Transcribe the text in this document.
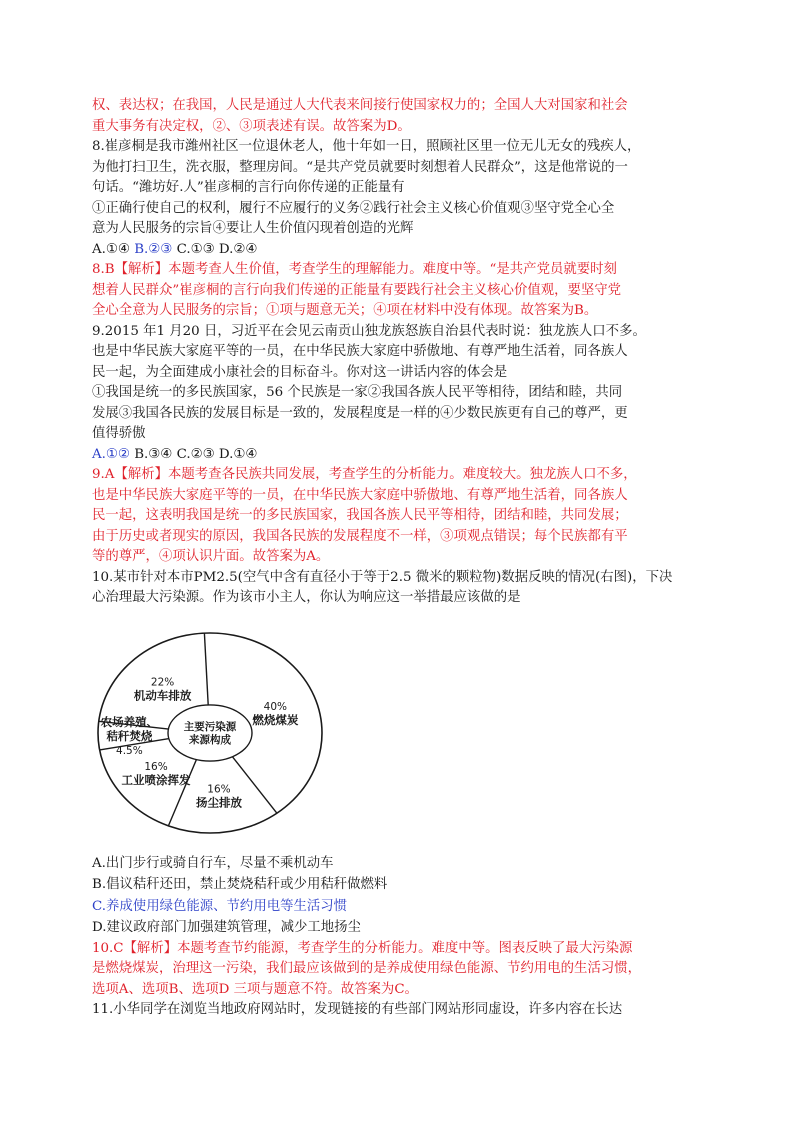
权、表达权；在我国，人民是通过人大代表来间接行使国家权力的；全国人大对国家和社会
重大事务有决定权，②、③项表述有误。故答案为D。
8.崔彦桐是我市潍州社区一位退休老人，他十年如一日，照顾社区里一位无儿无女的残疾人，
为他打扫卫生，洗衣服，整理房间。“是共产党员就要时刻想着人民群众”，这是他常说的一
句话。“潍坊好.人”崔彦桐的言行向你传递的正能量有
①正确行使自己的权利，履行不应履行的义务②践行社会主义核心价值观③坚守党全心全
意为人民服务的宗旨④要让人生价值闪现着创造的光辉
A.①④ B.②③ C.①③ D.②④
8.B【解析】本题考查人生价值，考查学生的理解能力。难度中等。“是共产党员就要时刻
想着人民群众”崔彦桐的言行向我们传递的正能量有要践行社会主义核心价值观，要坚守党
全心全意为人民服务的宗旨；①项与题意无关；④项在材料中没有体现。故答案为B。
9.2015 年1 月20 日，习近平在会见云南贡山独龙族怒族自治县代表时说：独龙族人口不多。
也是中华民族大家庭平等的一员，在中华民族大家庭中骄傲地、有尊严地生活着，同各族人
民一起，为全面建成小康社会的目标奋斗。你对这一讲话内容的体会是
①我国是统一的多民族国家，56 个民族是一家②我国各族人民平等相待，团结和睦，共同
发展③我国各民族的发展目标是一致的，发展程度是一样的④少数民族更有自己的尊严，更
值得骄傲
A.①② B.③④ C.②③ D.①④
9.A【解析】本题考查各民族共同发展，考查学生的分析能力。难度较大。独龙族人口不多，
也是中华民族大家庭平等的一员，在中华民族大家庭中骄傲地、有尊严地生活着，同各族人
民一起，这表明我国是统一的多民族国家，我国各族人民平等相待，团结和睦，共同发展；
由于历史或者现实的原因，我国各民族的发展程度不一样，③项观点错误；每个民族都有平
等的尊严，④项认识片面。故答案为A。
10.某市针对本市PM2.5(空气中含有直径小于等于2.5 微米的颗粒物)数据反映的情况(右图)，下决
心治理最大污染源。作为该市小主人，你认为响应这一举措最应该做的是
主要污染源
来源构成
40%
燃烧煤炭
16%
扬尘排放
16%
工业喷涂挥发
农场养殖、
秸秆焚烧
4.5%
22%
机动车排放
A.出门步行或骑自行车，尽量不乘机动车
B.倡议秸秆还田，禁止焚烧秸秆或少用秸秆做燃料
C.养成使用绿色能源、节约用电等生活习惯
D.建议政府部门加强建筑管理，减少工地扬尘
10.C【解析】本题考查节约能源，考查学生的分析能力。难度中等。图表反映了最大污染源
是燃烧煤炭，治理这一污染，我们最应该做到的是养成使用绿色能源、节约用电的生活习惯，
选项A、选项B、选项D 三项与题意不符。故答案为C。
11.小华同学在浏览当地政府网站时，发现链接的有些部门网站形同虚设，许多内容在长达
